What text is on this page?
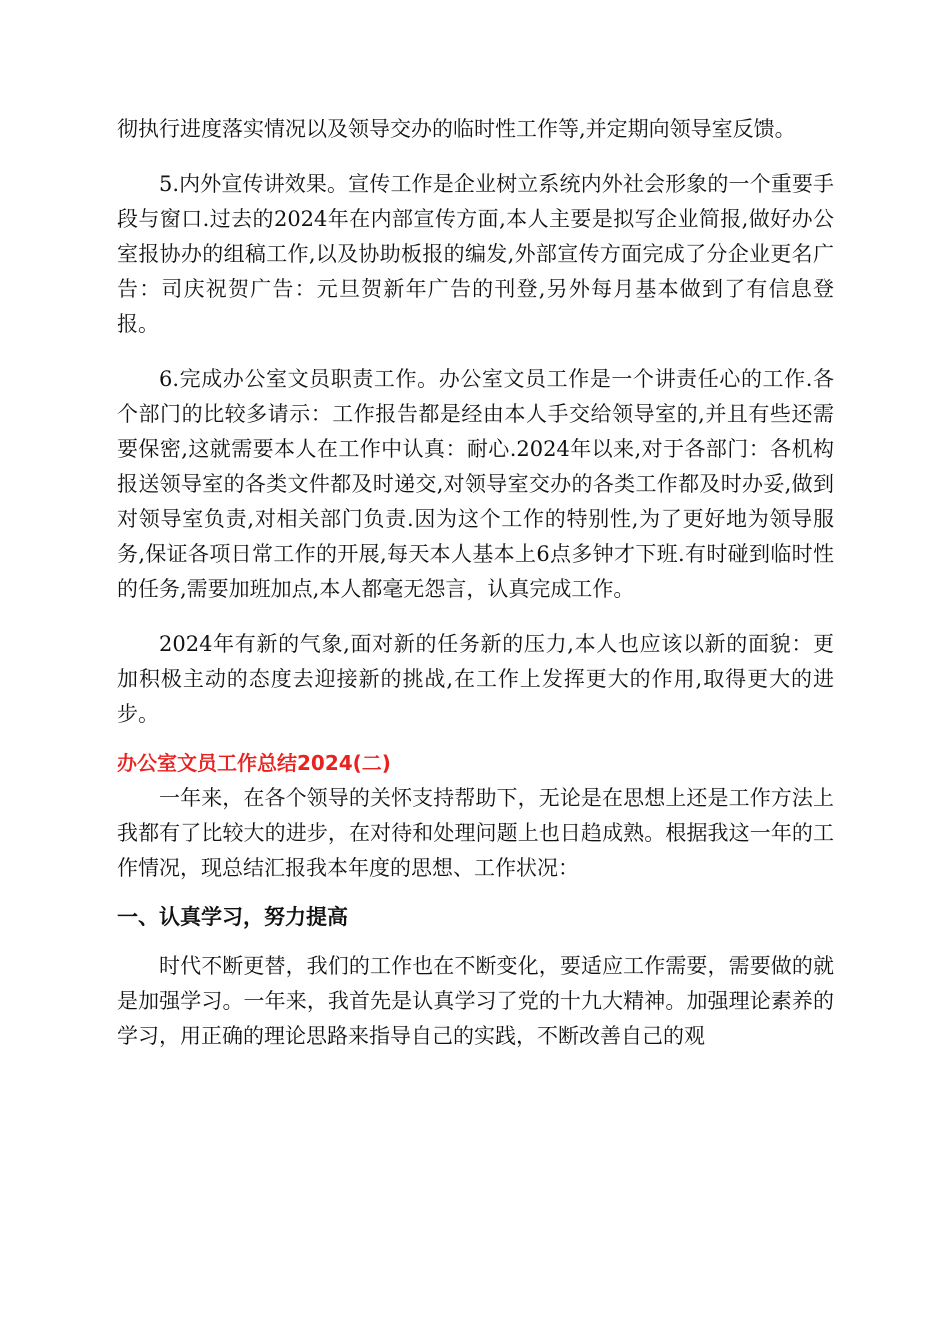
彻执行进度落实情况以及领导交办的临时性工作等,并定期向领导室反馈。

5.内外宣传讲效果。宣传工作是企业树立系统内外社会形象的一个重要手段与窗口.过去的2024年在内部宣传方面,本人主要是拟写企业简报,做好办公室报协办的组稿工作,以及协助板报的编发,外部宣传方面完成了分企业更名广告：司庆祝贺广告：元旦贺新年广告的刊登,另外每月基本做到了有信息登报。

6.完成办公室文员职责工作。办公室文员工作是一个讲责任心的工作.各个部门的比较多请示：工作报告都是经由本人手交给领导室的,并且有些还需要保密,这就需要本人在工作中认真：耐心.2024年以来,对于各部门：各机构报送领导室的各类文件都及时递交,对领导室交办的各类工作都及时办妥,做到对领导室负责,对相关部门负责.因为这个工作的特别性,为了更好地为领导服务,保证各项日常工作的开展,每天本人基本上6点多钟才下班.有时碰到临时性的任务,需要加班加点,本人都毫无怨言，认真完成工作。

2024年有新的气象,面对新的任务新的压力,本人也应该以新的面貌：更加积极主动的态度去迎接新的挑战,在工作上发挥更大的作用,取得更大的进步。

办公室文员工作总结2024(二)

一年来，在各个领导的关怀支持帮助下，无论是在思想上还是工作方法上我都有了比较大的进步，在对待和处理问题上也日趋成熟。根据我这一年的工作情况，现总结汇报我本年度的思想、工作状况：

一、认真学习，努力提高

时代不断更替，我们的工作也在不断变化，要适应工作需要，需要做的就是加强学习。一年来，我首先是认真学习了党的十九大精神。加强理论素养的学习，用正确的理论思路来指导自己的实践，不断改善自己的观
